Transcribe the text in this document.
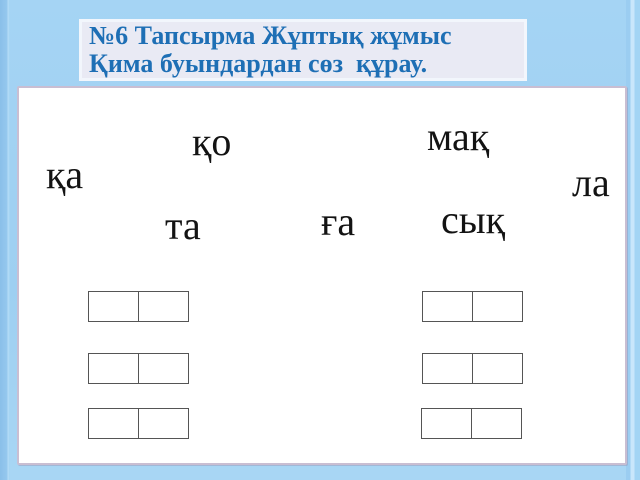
№6 Тапсырма Жұптық жұмыс
Қима буындардан сөз  құрау.
қа
қо
та
мақ
ла
ға сық
